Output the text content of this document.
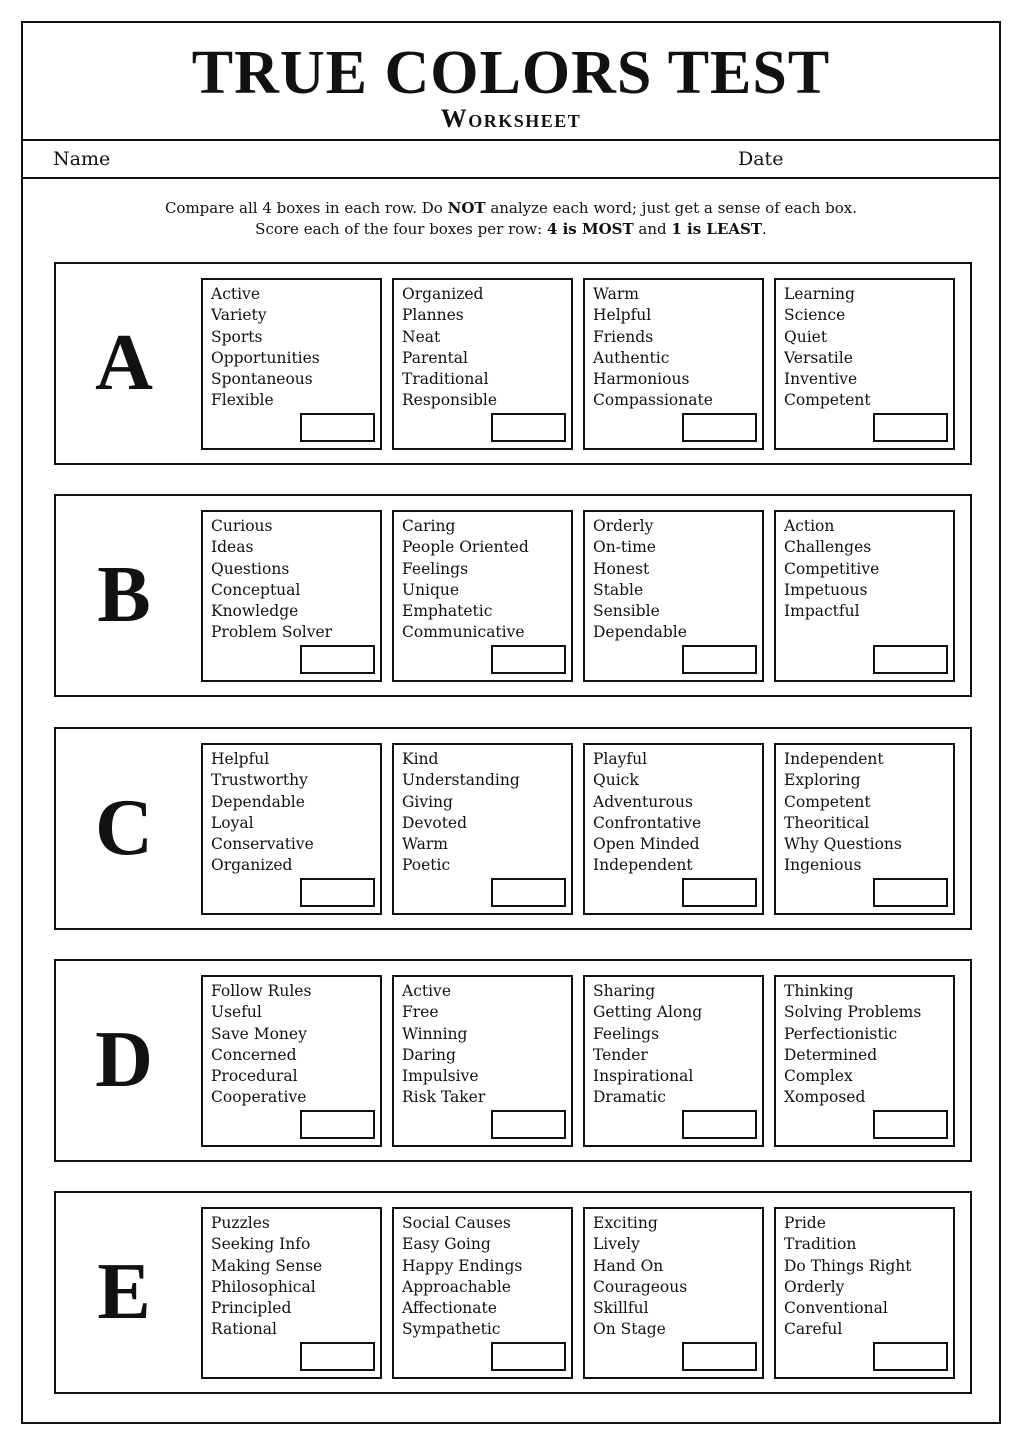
TRUE COLORS TEST
Worksheet
Name	Date
Compare all 4 boxes in each row. Do NOT analyze each word; just get a sense of each box.
Score each of the four boxes per row: 4 is MOST and 1 is LEAST.
A
Active
Variety
Sports
Opportunities
Spontaneous
Flexible
Organized
Plannes
Neat
Parental
Traditional
Responsible
Warm
Helpful
Friends
Authentic
Harmonious
Compassionate
Learning
Science
Quiet
Versatile
Inventive
Competent
B
Curious
Ideas
Questions
Conceptual
Knowledge
Problem Solver
Caring
People Oriented
Feelings
Unique
Emphatetic
Communicative
Orderly
On-time
Honest
Stable
Sensible
Dependable
Action
Challenges
Competitive
Impetuous
Impactful
C
Helpful
Trustworthy
Dependable
Loyal
Conservative
Organized
Kind
Understanding
Giving
Devoted
Warm
Poetic
Playful
Quick
Adventurous
Confrontative
Open Minded
Independent
Independent
Exploring
Competent
Theoritical
Why Questions
Ingenious
D
Follow Rules
Useful
Save Money
Concerned
Procedural
Cooperative
Active
Free
Winning
Daring
Impulsive
Risk Taker
Sharing
Getting Along
Feelings
Tender
Inspirational
Dramatic
Thinking
Solving Problems
Perfectionistic
Determined
Complex
Xomposed
E
Puzzles
Seeking Info
Making Sense
Philosophical
Principled
Rational
Social Causes
Easy Going
Happy Endings
Approachable
Affectionate
Sympathetic
Exciting
Lively
Hand On
Courageous
Skillful
On Stage
Pride
Tradition
Do Things Right
Orderly
Conventional
Careful
